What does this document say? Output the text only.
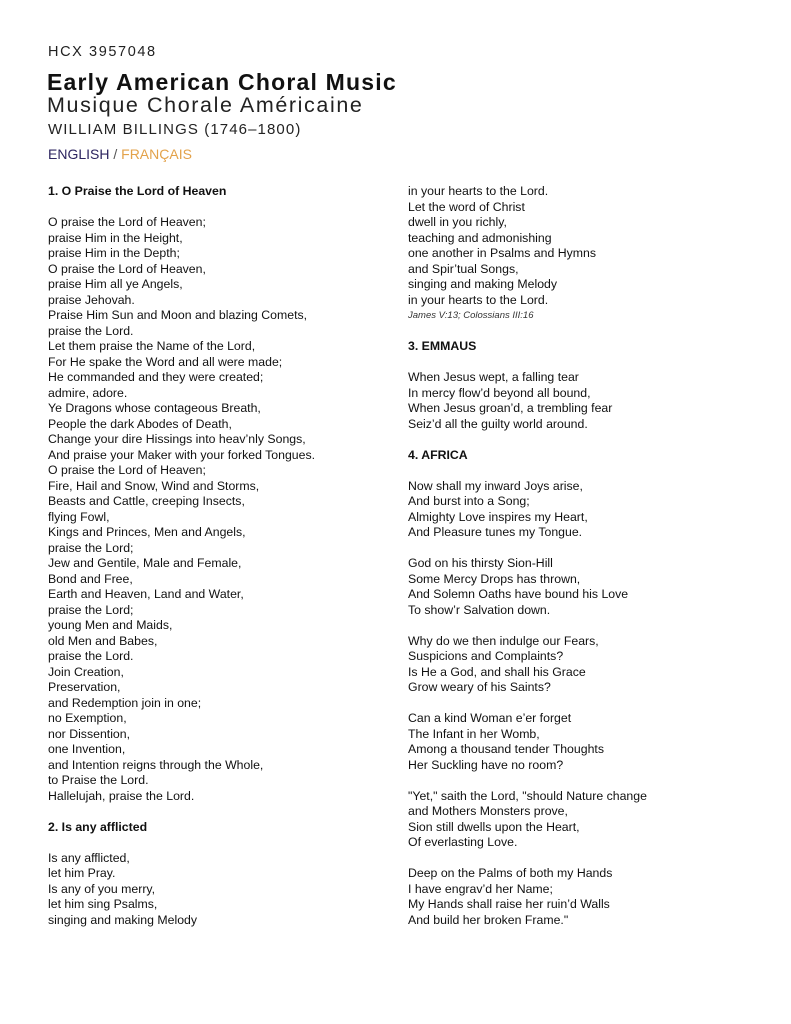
HCX 3957048
Early American Choral Music
Musique Chorale Américaine
WILLIAM BILLINGS (1746–1800)
ENGLISH / FRANÇAIS
1. O Praise the Lord of Heaven
O praise the Lord of Heaven;
praise Him in the Height,
praise Him in the Depth;
O praise the Lord of Heaven,
praise Him all ye Angels,
praise Jehovah.
Praise Him Sun and Moon and blazing Comets,
praise the Lord.
Let them praise the Name of the Lord,
For He spake the Word and all were made;
He commanded and they were created;
admire, adore.
Ye Dragons whose contageous Breath,
People the dark Abodes of Death,
Change your dire Hissings into heav’nly Songs,
And praise your Maker with your forked Tongues.
O praise the Lord of Heaven;
Fire, Hail and Snow, Wind and Storms,
Beasts and Cattle, creeping Insects,
flying Fowl,
Kings and Princes, Men and Angels,
praise the Lord;
Jew and Gentile, Male and Female,
Bond and Free,
Earth and Heaven, Land and Water,
praise the Lord;
young Men and Maids,
old Men and Babes,
praise the Lord.
Join Creation,
Preservation,
and Redemption join in one;
no Exemption,
nor Dissention,
one Invention,
and Intention reigns through the Whole,
to Praise the Lord.
Hallelujah, praise the Lord.
2. Is any afflicted
Is any afflicted,
let him Pray.
Is any of you merry,
let him sing Psalms,
singing and making Melody
in your hearts to the Lord.
Let the word of Christ
dwell in you richly,
teaching and admonishing
one another in Psalms and Hymns
and Spir’tual Songs,
singing and making Melody
in your hearts to the Lord.
James V:13; Colossians III:16
3. EMMAUS
When Jesus wept, a falling tear
In mercy flow’d beyond all bound,
When Jesus groan’d, a trembling fear
Seiz’d all the guilty world around.
4. AFRICA
Now shall my inward Joys arise,
And burst into a Song;
Almighty Love inspires my Heart,
And Pleasure tunes my Tongue.
God on his thirsty Sion-Hill
Some Mercy Drops has thrown,
And Solemn Oaths have bound his Love
To show’r Salvation down.
Why do we then indulge our Fears,
Suspicions and Complaints?
Is He a God, and shall his Grace
Grow weary of his Saints?
Can a kind Woman e’er forget
The Infant in her Womb,
Among a thousand tender Thoughts
Her Suckling have no room?
"Yet," saith the Lord, "should Nature change
and Mothers Monsters prove,
Sion still dwells upon the Heart,
Of everlasting Love.
Deep on the Palms of both my Hands
I have engrav’d her Name;
My Hands shall raise her ruin’d Walls
And build her broken Frame."
